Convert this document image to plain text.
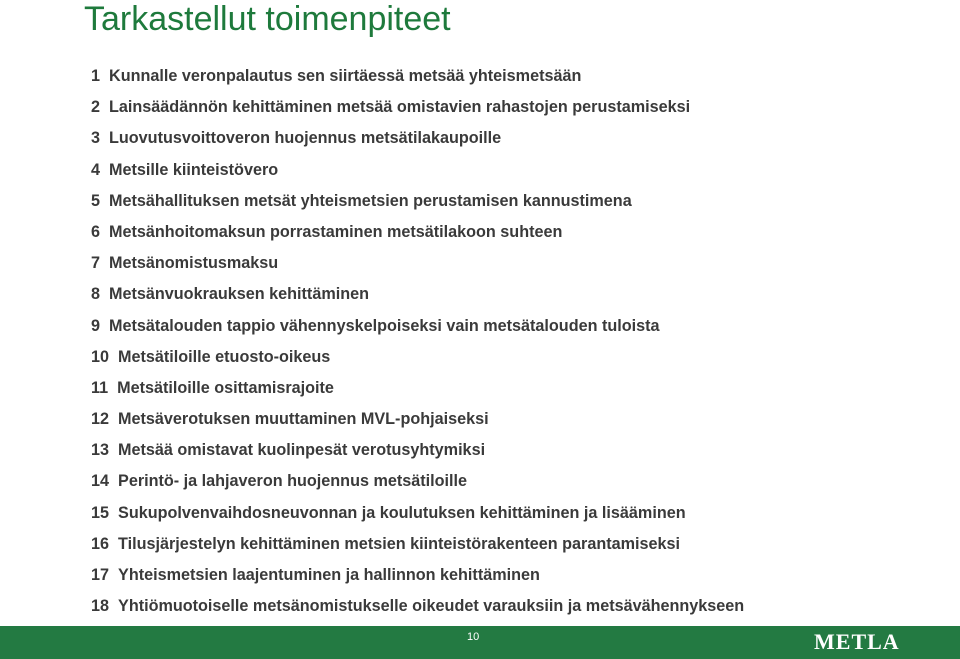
Tarkastellut toimenpiteet
1 Kunnalle veronpalautus sen siirtäessä metsää yhteismetsään
2 Lainsäädännön kehittäminen metsää omistavien rahastojen perustamiseksi
3 Luovutusvoittoveron huojennus metsätilakaupoille
4 Metsille kiinteistövero
5 Metsähallituksen metsät yhteismetsien perustamisen kannustimena
6 Metsänhoitomaksun porrastaminen metsätilakoon suhteen
7 Metsänomistusmaksu
8 Metsänvuokrauksen kehittäminen
9 Metsätalouden tappio vähennyskelpoiseksi vain metsätalouden tuloista
10 Metsätiloille etuosto-oikeus
11 Metsätiloille osittamisrajoite
12 Metsäverotuksen muuttaminen MVL-pohjaiseksi
13 Metsää omistavat kuolinpesät verotusyhtymiksi
14 Perintö- ja lahjaveron huojennus metsätiloille
15 Sukupolvenvaihdosneuvonnan ja koulutuksen kehittäminen ja lisääminen
16 Tilusjärjestelyn kehittäminen metsien kiinteistörakenteen parantamiseksi
17 Yhteismetsien laajentuminen ja hallinnon kehittäminen
18 Yhtiömuotoiselle metsänomistukselle oikeudet varauksiin ja metsävähennykseen
10	METLA
